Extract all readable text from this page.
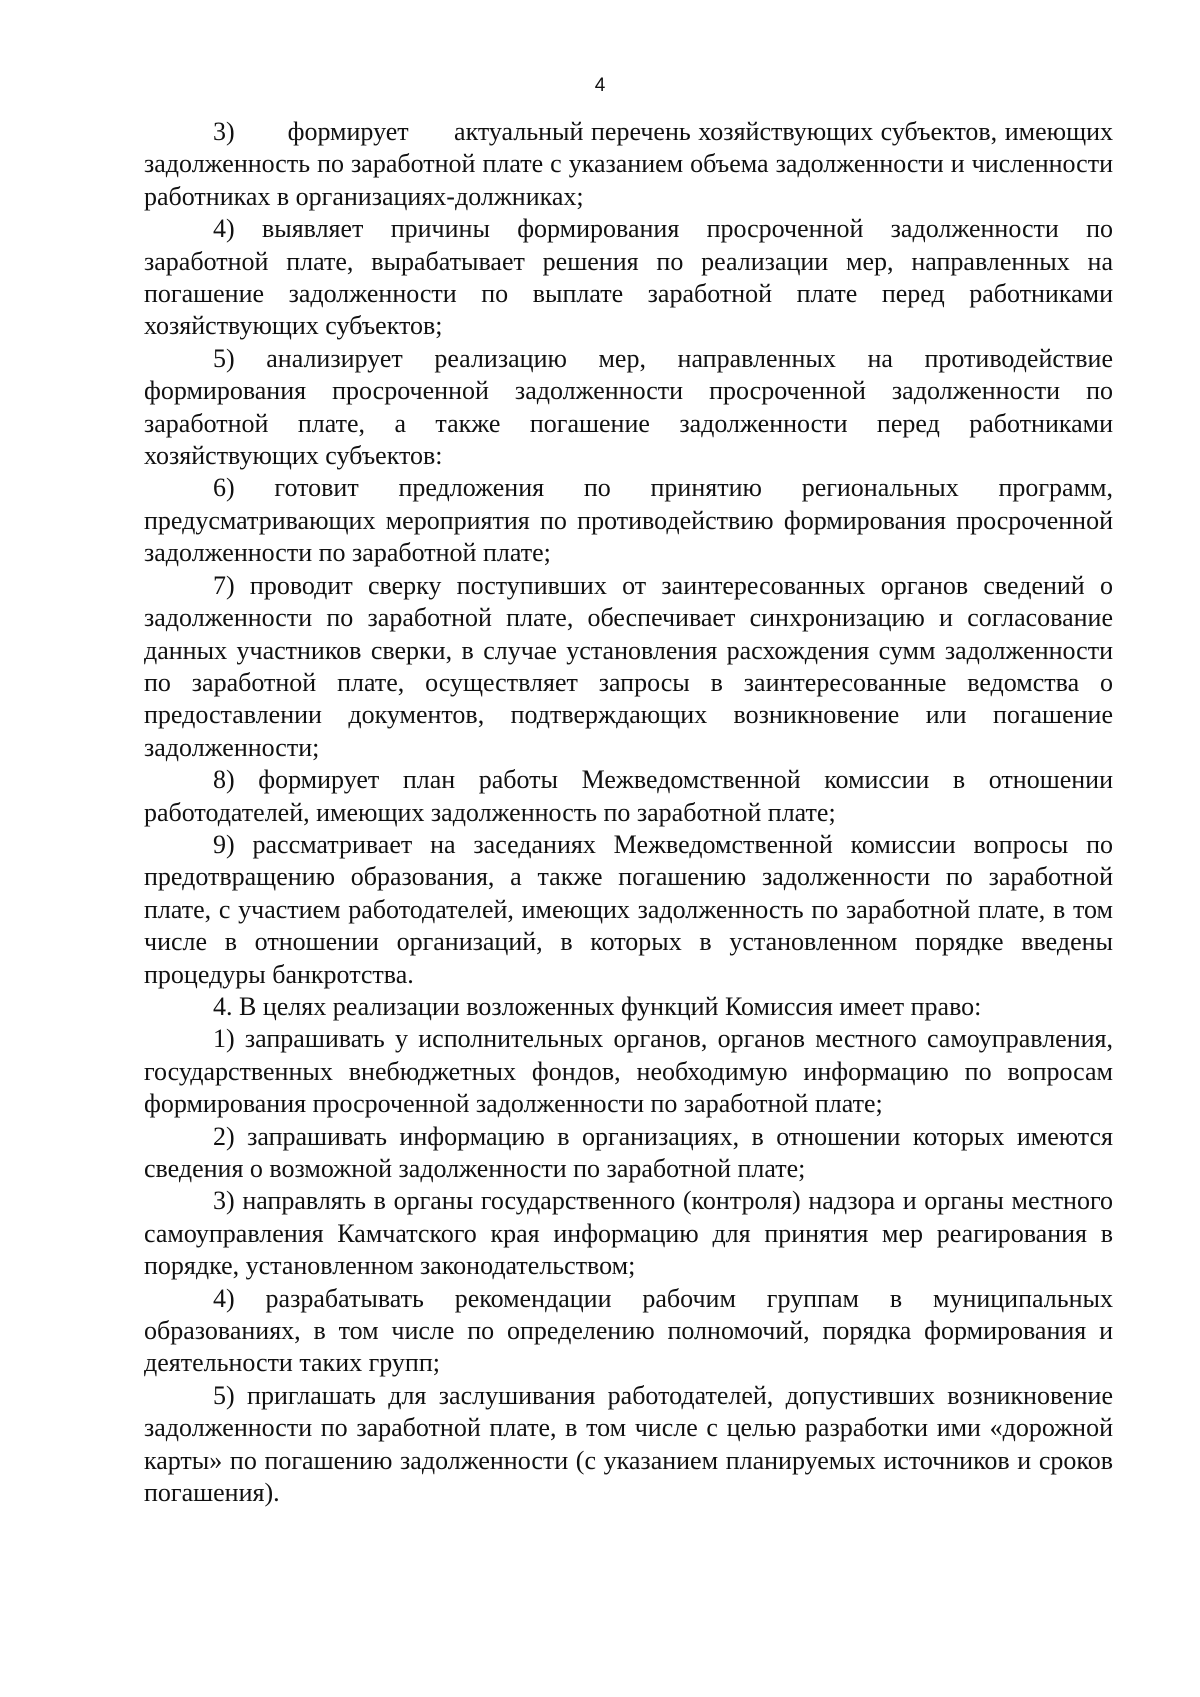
4

3)       формирует      актуальный перечень хозяйствующих субъектов, имеющих задолженность по заработной плате с указанием объема задолженности и численности работниках в организациях-должниках;

4) выявляет причины формирования просроченной задолженности по заработной плате, вырабатывает решения по реализации мер, направленных на погашение задолженности по выплате заработной плате перед работниками хозяйствующих субъектов;

5) анализирует реализацию мер, направленных на противодействие формирования просроченной задолженности просроченной задолженности по заработной плате, а также погашение задолженности перед работниками хозяйствующих субъектов:

6) готовит предложения по принятию региональных программ, предусматривающих мероприятия по противодействию формирования просроченной задолженности по заработной плате;

7) проводит сверку поступивших от заинтересованных органов сведений о задолженности по заработной плате, обеспечивает синхронизацию и согласование данных участников сверки, в случае установления расхождения сумм задолженности по заработной плате, осуществляет запросы в заинтересованные ведомства о предоставлении документов, подтверждающих возникновение или погашение задолженности;

8) формирует план работы Межведомственной комиссии в отношении работодателей, имеющих задолженность по заработной плате;

9) рассматривает на заседаниях Межведомственной комиссии вопросы по предотвращению образования, а также погашению задолженности по заработной плате, с участием работодателей, имеющих задолженность по заработной плате, в том числе в отношении организаций, в которых в установленном порядке введены процедуры банкротства.

4. В целях реализации возложенных функций Комиссия имеет право:

1) запрашивать у исполнительных органов, органов местного самоуправления, государственных внебюджетных фондов, необходимую информацию по вопросам формирования просроченной задолженности по заработной плате;

2) запрашивать информацию в организациях, в отношении которых имеются сведения о возможной задолженности по заработной плате;

3) направлять в органы государственного (контроля) надзора и органы местного самоуправления Камчатского края информацию для принятия мер реагирования в порядке, установленном законодательством;

4) разрабатывать рекомендации рабочим группам в муниципальных образованиях, в том числе по определению полномочий, порядка формирования и деятельности таких групп;

5) приглашать для заслушивания работодателей, допустивших возникновение задолженности по заработной плате, в том числе с целью разработки ими «дорожной карты» по погашению задолженности (с указанием планируемых источников и сроков погашения).
